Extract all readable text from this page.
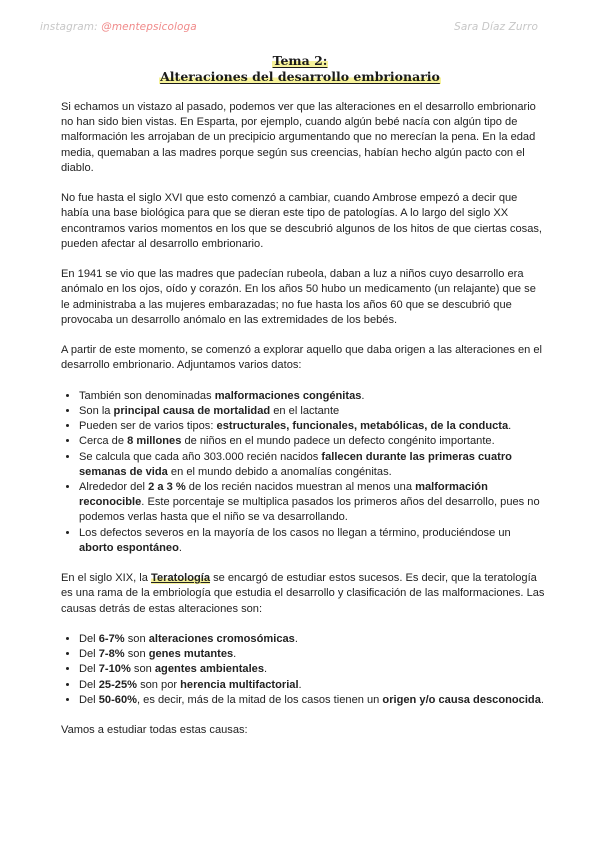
instagram: @mentepsicologa	Sara Díaz Zurro
Tema 2:
Alteraciones del desarrollo embrionario

Si echamos un vistazo al pasado, podemos ver que las alteraciones en el desarrollo embrionario no han sido bien vistas. En Esparta, por ejemplo, cuando algún bebé nacía con algún tipo de malformación les arrojaban de un precipicio argumentando que no merecían la pena. En la edad media, quemaban a las madres porque según sus creencias, habían hecho algún pacto con el diablo.

No fue hasta el siglo XVI que esto comenzó a cambiar, cuando Ambrose empezó a decir que había una base biológica para que se dieran este tipo de patologías. A lo largo del siglo XX encontramos varios momentos en los que se descubrió algunos de los hitos de que ciertas cosas, pueden afectar al desarrollo embrionario.

En 1941 se vio que las madres que padecían rubeola, daban a luz a niños cuyo desarrollo era anómalo en los ojos, oído y corazón. En los años 50 hubo un medicamento (un relajante) que se le administraba a las mujeres embarazadas; no fue hasta los años 60 que se descubrió que provocaba un desarrollo anómalo en las extremidades de los bebés.

A partir de este momento, se comenzó a explorar aquello que daba origen a las alteraciones en el desarrollo embrionario. Adjuntamos varios datos:

• También son denominadas malformaciones congénitas.
• Son la principal causa de mortalidad en el lactante
• Pueden ser de varios tipos: estructurales, funcionales, metabólicas, de la conducta.
• Cerca de 8 millones de niños en el mundo padece un defecto congénito importante.
• Se calcula que cada año 303.000 recién nacidos fallecen durante las primeras cuatro semanas de vida en el mundo debido a anomalías congénitas.
• Alrededor del 2 a 3 % de los recién nacidos muestran al menos una malformación reconocible. Este porcentaje se multiplica pasados los primeros años del desarrollo, pues no podemos verlas hasta que el niño se va desarrollando.
• Los defectos severos en la mayoría de los casos no llegan a término, produciéndose un aborto espontáneo.

En el siglo XIX, la Teratología se encargó de estudiar estos sucesos. Es decir, que la teratología es una rama de la embriología que estudia el desarrollo y clasificación de las malformaciones. Las causas detrás de estas alteraciones son:

• Del 6-7% son alteraciones cromosómicas.
• Del 7-8% son genes mutantes.
• Del 7-10% son agentes ambientales.
• Del 25-25% son por herencia multifactorial.
• Del 50-60%, es decir, más de la mitad de los casos tienen un origen y/o causa desconocida.

Vamos a estudiar todas estas causas:
